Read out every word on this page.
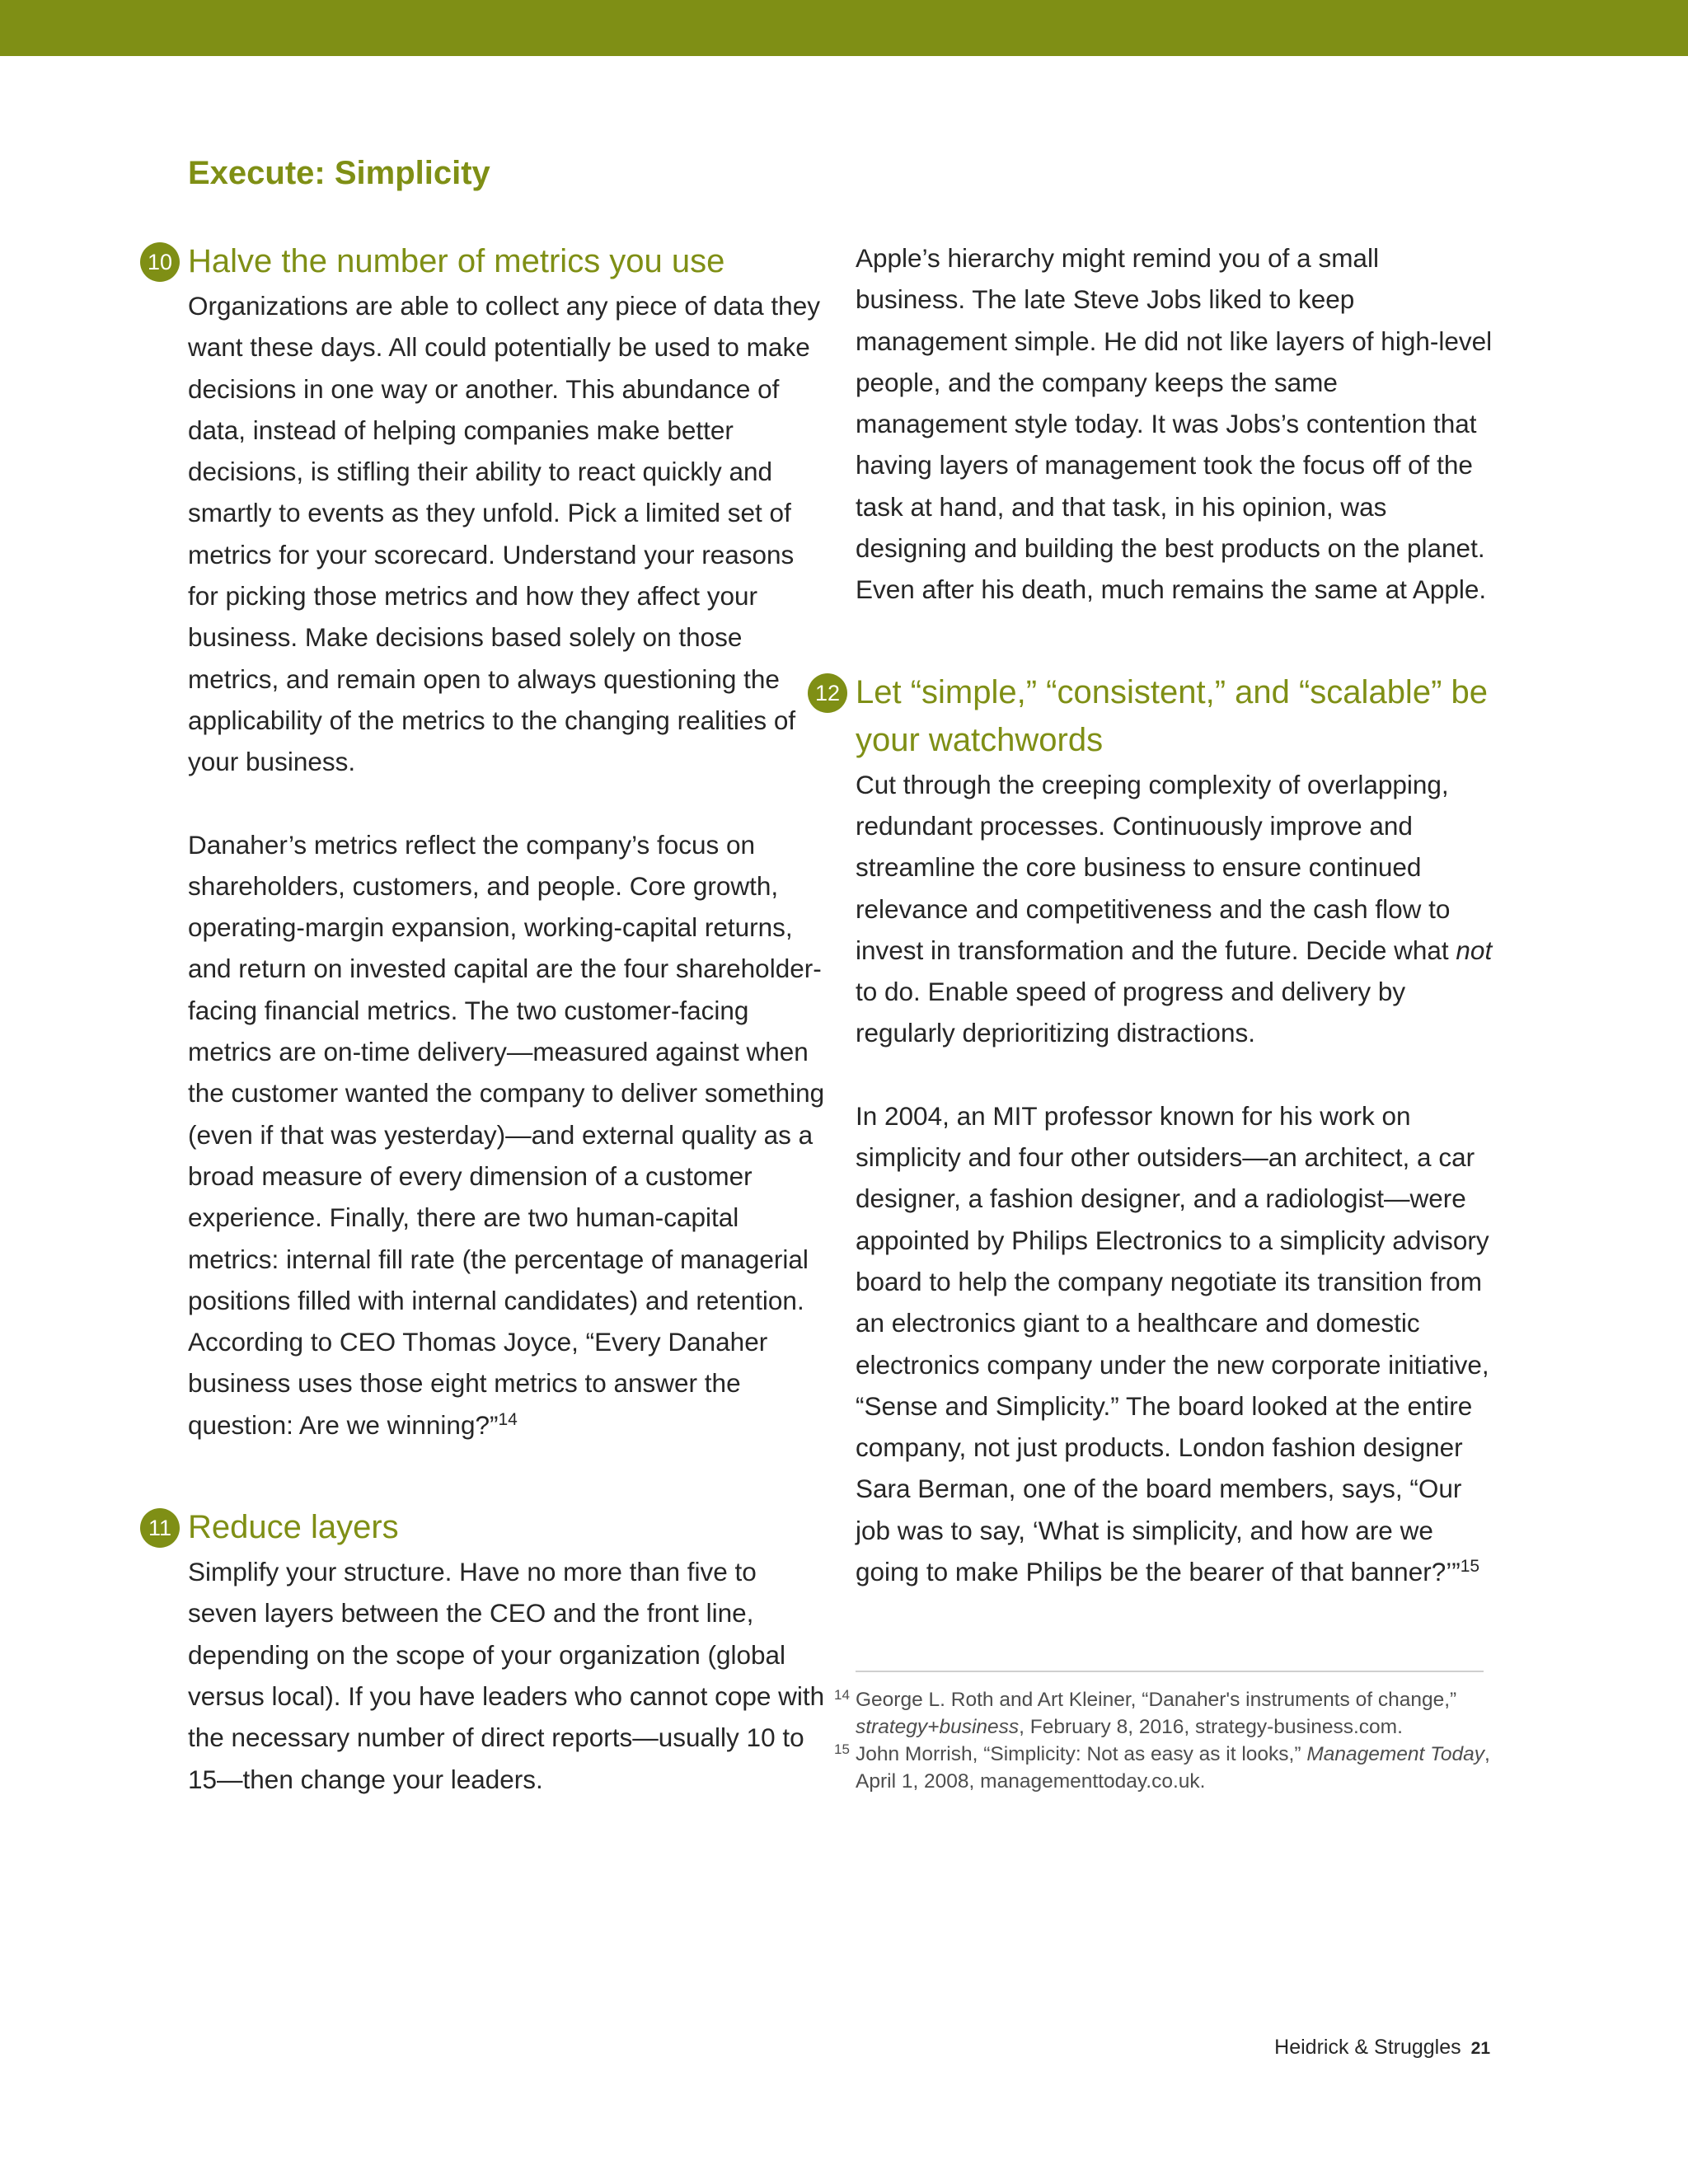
Execute: Simplicity
10 Halve the number of metrics you use

Organizations are able to collect any piece of data they want these days. All could potentially be used to make decisions in one way or another. This abundance of data, instead of helping companies make better decisions, is stifling their ability to react quickly and smartly to events as they unfold. Pick a limited set of metrics for your scorecard. Understand your reasons for picking those metrics and how they affect your business. Make decisions based solely on those metrics, and remain open to always questioning the applicability of the metrics to the changing realities of your business.

Danaher’s metrics reflect the company’s focus on shareholders, customers, and people. Core growth, operating-margin expansion, working-capital returns, and return on invested capital are the four shareholder-facing financial metrics. The two customer-facing metrics are on-time delivery—measured against when the customer wanted the company to deliver something (even if that was yesterday)—and external quality as a broad measure of every dimension of a customer experience. Finally, there are two human-capital metrics: internal fill rate (the percentage of managerial positions filled with internal candidates) and retention. According to CEO Thomas Joyce, “Every Danaher business uses those eight metrics to answer the question: Are we winning?”$^{14}$

11 Reduce layers

Simplify your structure. Have no more than five to seven layers between the CEO and the front line, depending on the scope of your organization (global versus local). If you have leaders who cannot cope with the necessary number of direct reports—usually 10 to 15—then change your leaders.

Apple’s hierarchy might remind you of a small business. The late Steve Jobs liked to keep management simple. He did not like layers of high-level people, and the company keeps the same management style today. It was Jobs’s contention that having layers of management took the focus off of the task at hand, and that task, in his opinion, was designing and building the best products on the planet. Even after his death, much remains the same at Apple.

12 Let “simple,” “consistent,” and “scalable” be your watchwords

Cut through the creeping complexity of overlapping, redundant processes. Continuously improve and streamline the core business to ensure continued relevance and competitiveness and the cash flow to invest in transformation and the future. Decide what not to do. Enable speed of progress and delivery by regularly deprioritizing distractions.

In 2004, an MIT professor known for his work on simplicity and four other outsiders—an architect, a car designer, a fashion designer, and a radiologist—were appointed by Philips Electronics to a simplicity advisory board to help the company negotiate its transition from an electronics giant to a healthcare and domestic electronics company under the new corporate initiative, “Sense and Simplicity.” The board looked at the entire company, not just products. London fashion designer Sara Berman, one of the board members, says, “Our job was to say, ‘What is simplicity, and how are we going to make Philips be the bearer of that banner?’”$^{15}$

14 George L. Roth and Art Kleiner, “Danaher's instruments of change,” strategy+business, February 8, 2016, strategy-business.com.

15 John Morrish, “Simplicity: Not as easy as it looks,” Management Today, April 1, 2008, managementtoday.co.uk.

Heidrick & Struggles 21
